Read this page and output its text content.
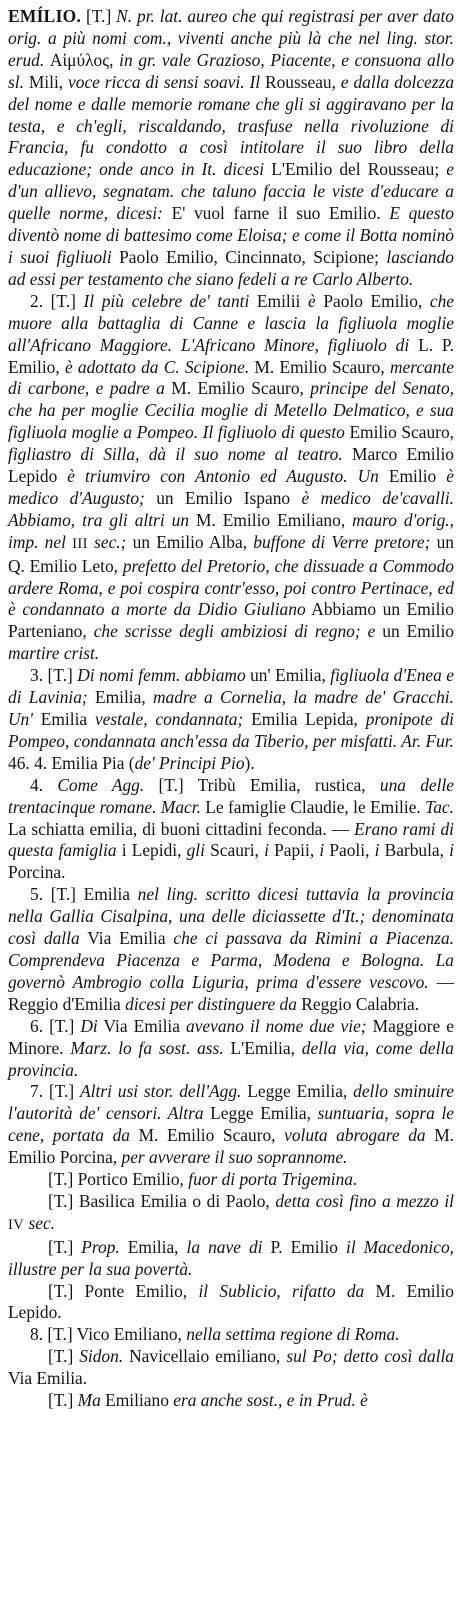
EMÍLIO. [T.] N. pr. lat. aureo che qui registrasi per aver dato orig. a più nomi com., viventi anche più là che nel ling. stor. erud. Αἱμύλος, in gr. vale Grazioso, Piacente, e consuona allo sl. Mili, voce ricca di sensi soavi. Il Rousseau, e dalla dolcezza del nome e dalle memorie romane che gli si aggiravano per la testa, e ch'egli, riscaldando, trasfuse nella rivoluzione di Francia, fu condotto a così intitolare il suo libro della educazione; onde anco in It. dicesi L'Emilio del Rousseau; e d'un allievo, segnatam. che taluno faccia le viste d'educare a quelle norme, dicesi: E' vuol farne il suo Emilio. E questo diventò nome di battesimo come Eloisa; e come il Botta nominò i suoi figliuoli Paolo Emilio, Cincinnato, Scipione; lasciando ad essi per testamento che siano fedeli a re Carlo Alberto.

2. [T.] Il più celebre de' tanti Emilii è Paolo Emilio, che muore alla battaglia di Canne e lascia la figliuola moglie all'Africano Maggiore. L'Africano Minore, figliuolo di L. P. Emilio, è adottato da C. Scipione. M. Emilio Scauro, mercante di carbone, e padre a M. Emilio Scauro, principe del Senato, che ha per moglie Cecilia moglie di Metello Delmatico, e sua figliuola moglie a Pompeo. Il figliuolo di questo Emilio Scauro, figliastro di Silla, dà il suo nome al teatro. Marco Emilio Lepido è triumviro con Antonio ed Augusto. Un Emilio è medico d'Augusto; un Emilio Ispano è medico de'cavalli. Abbiamo, tra gli altri un M. Emilio Emiliano, mauro d'orig., imp. nel III sec.; un Emilio Alba, buffone di Verre pretore; un Q. Emilio Leto, prefetto del Pretorio, che dissuade a Commodo ardere Roma, e poi cospira contr'esso, poi contro Pertinace, ed è condannato a morte da Didio Giuliano Abbiamo un Emilio Parteniano, che scrisse degli ambiziosi di regno; e un Emilio martire crist.

3. [T.] Di nomi femm. abbiamo un' Emilia, figliuola d'Enea e di Lavinia; Emilia, madre a Cornelia, la madre de' Gracchi. Un' Emilia vestale, condannata; Emilia Lepida, pronipote di Pompeo, condannata anch'essa da Tiberio, per misfatti. Ar. Fur. 46. 4. Emilia Pia (de' Principi Pio).

4. Come Agg. [T.] Tribù Emilia, rustica, una delle trentacinque romane. Macr. Le famiglie Claudie, le Emilie. Tac. La schiatta emilia, di buoni cittadini feconda. — Erano rami di questa famiglia i Lepidi, gli Scauri, i Papii, i Paoli, i Barbula, i Porcina.

5. [T.] Emilia nel ling. scritto dicesi tuttavia la provincia nella Gallia Cisalpina, una delle diciassette d'It.; denominata così dalla Via Emilia che ci passava da Rimini a Piacenza. Comprendeva Piacenza e Parma, Modena e Bologna. La governò Ambrogio colla Liguria, prima d'essere vescovo. — Reggio d'Emilia dicesi per distinguere da Reggio Calabria.

6. [T.] Di Via Emilia avevano il nome due vie; Maggiore e Minore. Marz. lo fa sost. ass. L'Emilia, della via, come della provincia.

7. [T.] Altri usi stor. dell'Agg. Legge Emilia, dello sminuire l'autorità de' censori. Altra Legge Emilia, suntuaria, sopra le cene, portata da M. Emilio Scauro, voluta abrogare da M. Emilio Porcina, per avverare il suo soprannome.

[T.] Portico Emilio, fuor di porta Trigemina.

[T.] Basilica Emilia o di Paolo, detta così fino a mezzo il IV sec.

[T.] Prop. Emilia, la nave di P. Emilio il Macedonico, illustre per la sua povertà.

[T.] Ponte Emilio, il Sublicio, rifatto da M. Emilio Lepido.

8. [T.] Vico Emiliano, nella settima regione di Roma.

[T.] Sidon. Navicellaio emiliano, sul Po; detto così dalla Via Emilia.

[T.] Ma Emiliano era anche sost., e in Prud. è
